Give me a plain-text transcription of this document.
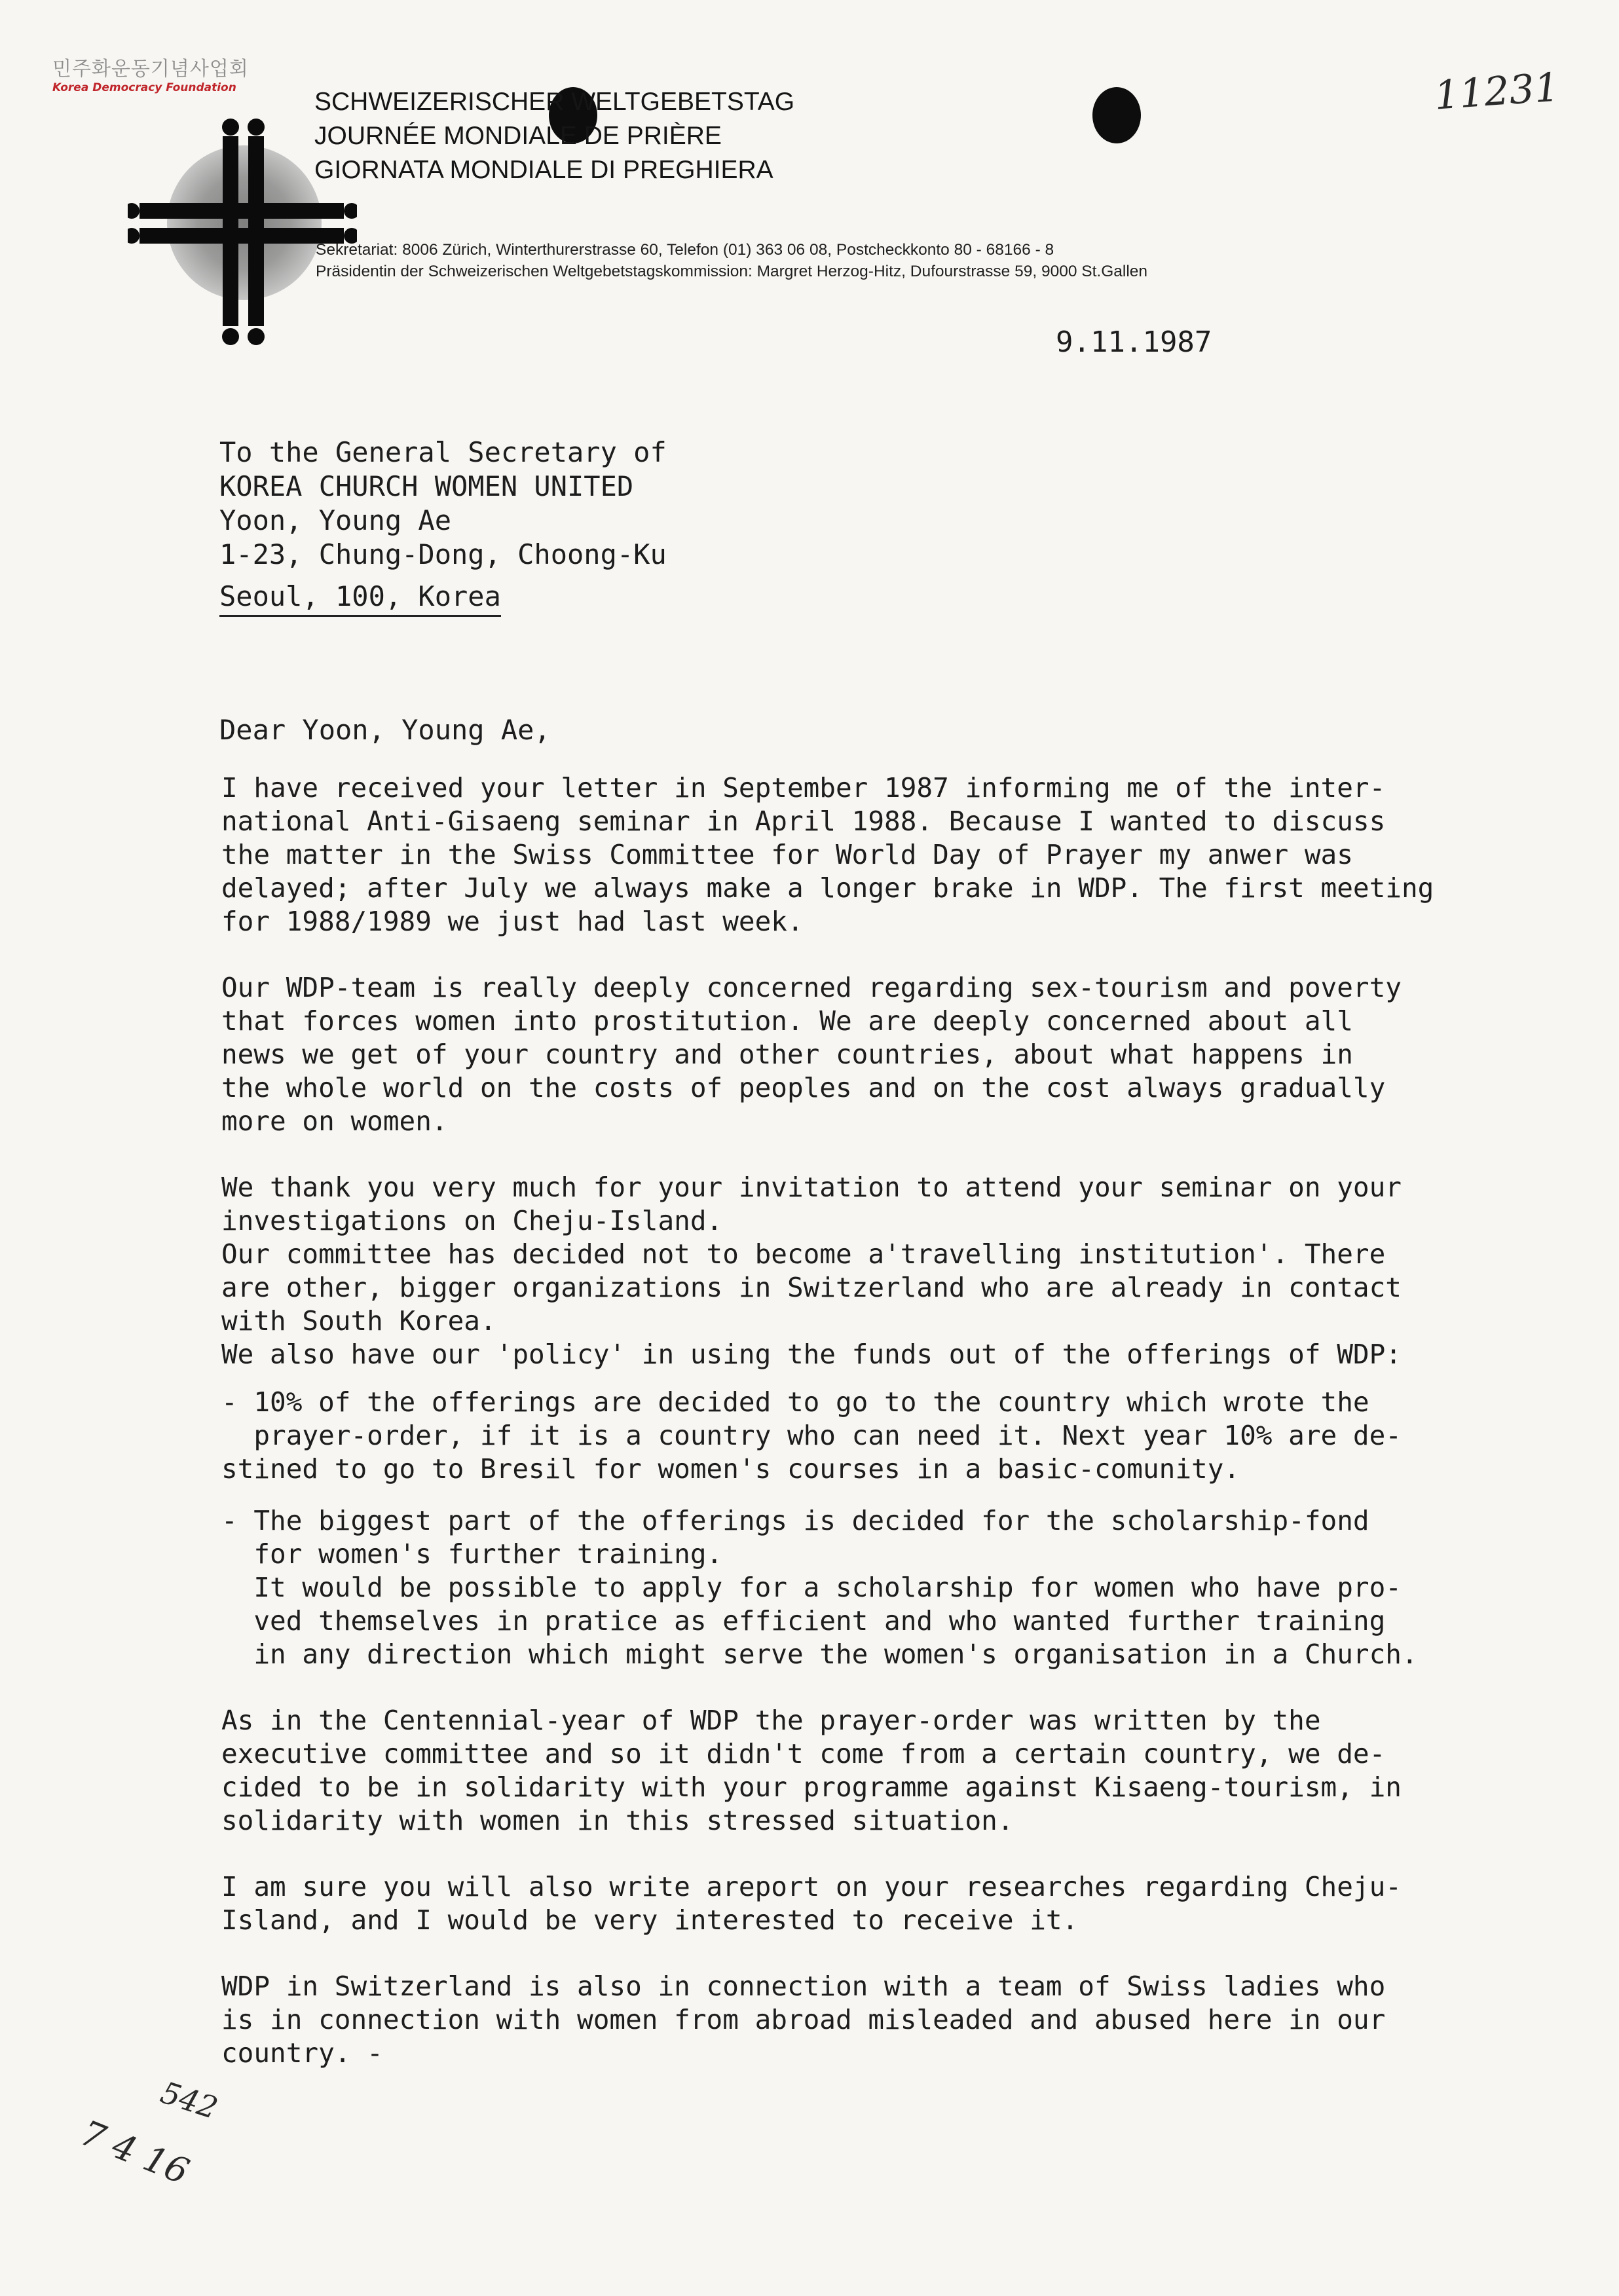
민주화운동기념사업회
Korea Democracy Foundation	11231
SCHWEIZERISCHER WELTGEBETSTAG
JOURNÉE MONDIALE DE PRIÈRE
GIORNATA MONDIALE DI PREGHIERA
Sekretariat: 8006 Zürich, Winterthurerstrasse 60, Telefon (01) 363 06 08, Postcheckkonto 80 - 68166 - 8
Präsidentin der Schweizerischen Weltgebetstagskommission: Margret Herzog-Hitz, Dufourstrasse 59, 9000 St.Gallen
9.11.1987
To the General Secretary of
KOREA CHURCH WOMEN UNITED
Yoon, Young Ae
1-23, Chung-Dong, Choong-Ku
Seoul, 100, Korea
Dear Yoon, Young Ae,
I have received your letter in September 1987 informing me of the inter-
national Anti-Gisaeng seminar in April 1988. Because I wanted to discuss
the matter in the Swiss Committee for World Day of Prayer my anwer was
delayed; after July we always make a longer brake in WDP. The first meeting
for 1988/1989 we just had last week.
Our WDP-team is really deeply concerned regarding sex-tourism and poverty
that forces women into prostitution. We are deeply concerned about all
news we get of your country and other countries, about what happens in
the whole world on the costs of peoples and on the cost always gradually
more on women.
We thank you very much for your invitation to attend your seminar on your
investigations on Cheju-Island.
Our committee has decided not to become a'travelling institution'. There
are other, bigger organizations in Switzerland who are already in contact
with South Korea.
We also have our 'policy' in using the funds out of the offerings of WDP:
- 10% of the offerings are decided to go to the country which wrote the
prayer-order, if it is a country who can need it. Next year 10% are de-
stined to go to Bresil for women's courses in a basic-comunity.
- The biggest part of the offerings is decided for the scholarship-fond
for women's further training.
It would be possible to apply for a scholarship for women who have pro-
ved themselves in pratice as efficient and who wanted further training
in any direction which might serve the women's organisation in a Church.
As in the Centennial-year of WDP the prayer-order was written by the
executive committee and so it didn't come from a certain country, we de-
cided to be in solidarity with your programme against Kisaeng-tourism, in
solidarity with women in this stressed situation.
I am sure you will also write areport on your researches regarding Cheju-
Island, and I would be very interested to receive it.
WDP in Switzerland is also in connection with a team of Swiss ladies who
is in connection with women from abroad misleaded and abused here in our
country. -
542
7 4 16
